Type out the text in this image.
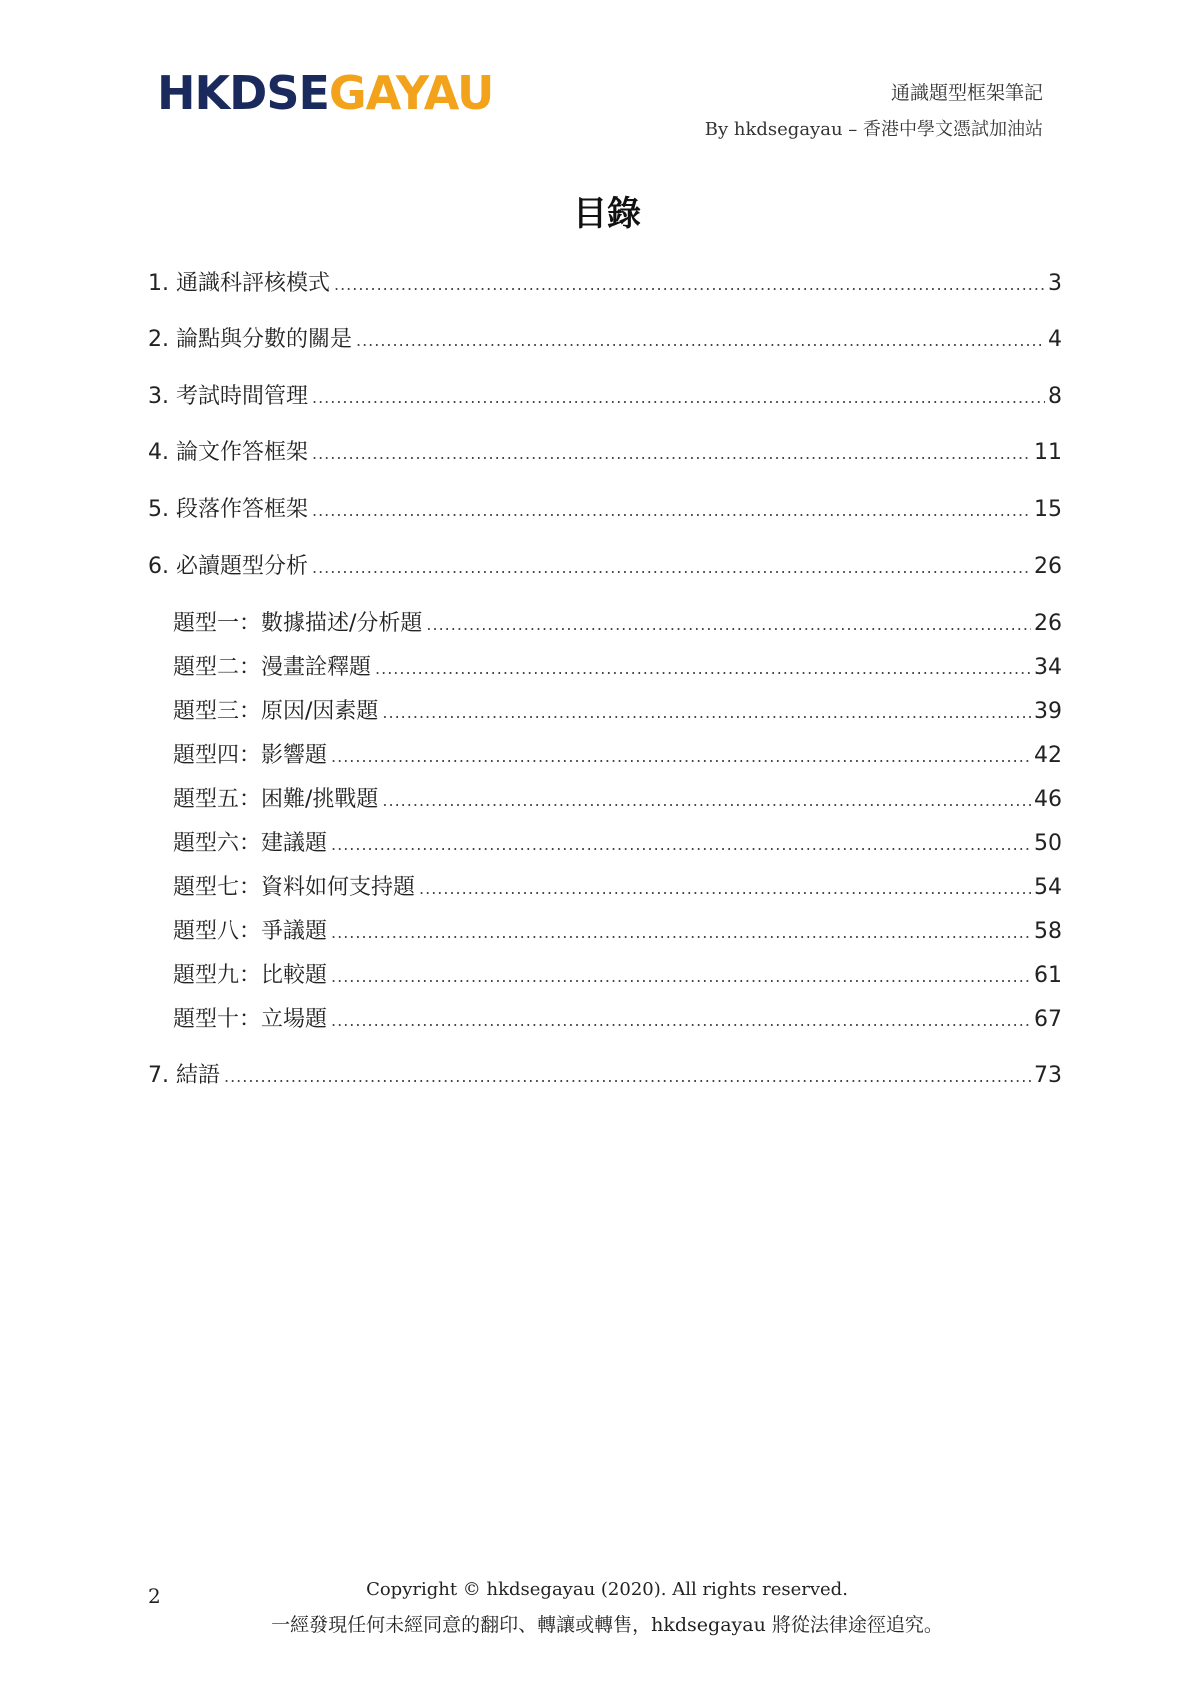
HKDSEGAYAU	通識題型框架筆記
By hkdsegayau – 香港中學文憑試加油站
目錄
1. 通識科評核模式 .....	3
2. 論點與分數的關是 .....	4
3. 考試時間管理 .....	8
4. 論文作答框架 .....	11
5. 段落作答框架 .....	15
6. 必讀題型分析 .....	26
題型一：數據描述/分析題 .....	26
題型二：漫畫詮釋題 .....	34
題型三：原因/因素題 .....	39
題型四：影響題 .....	42
題型五：困難/挑戰題 .....	46
題型六：建議題 .....	50
題型七：資料如何支持題 .....	54
題型八：爭議題 .....	58
題型九：比較題 .....	61
題型十：立場題 .....	67
7. 結語 .....	73
2	Copyright © hkdsegayau (2020). All rights reserved.
一經發現任何未經同意的翻印、轉讓或轉售，hkdsegayau 將從法律途徑追究。
